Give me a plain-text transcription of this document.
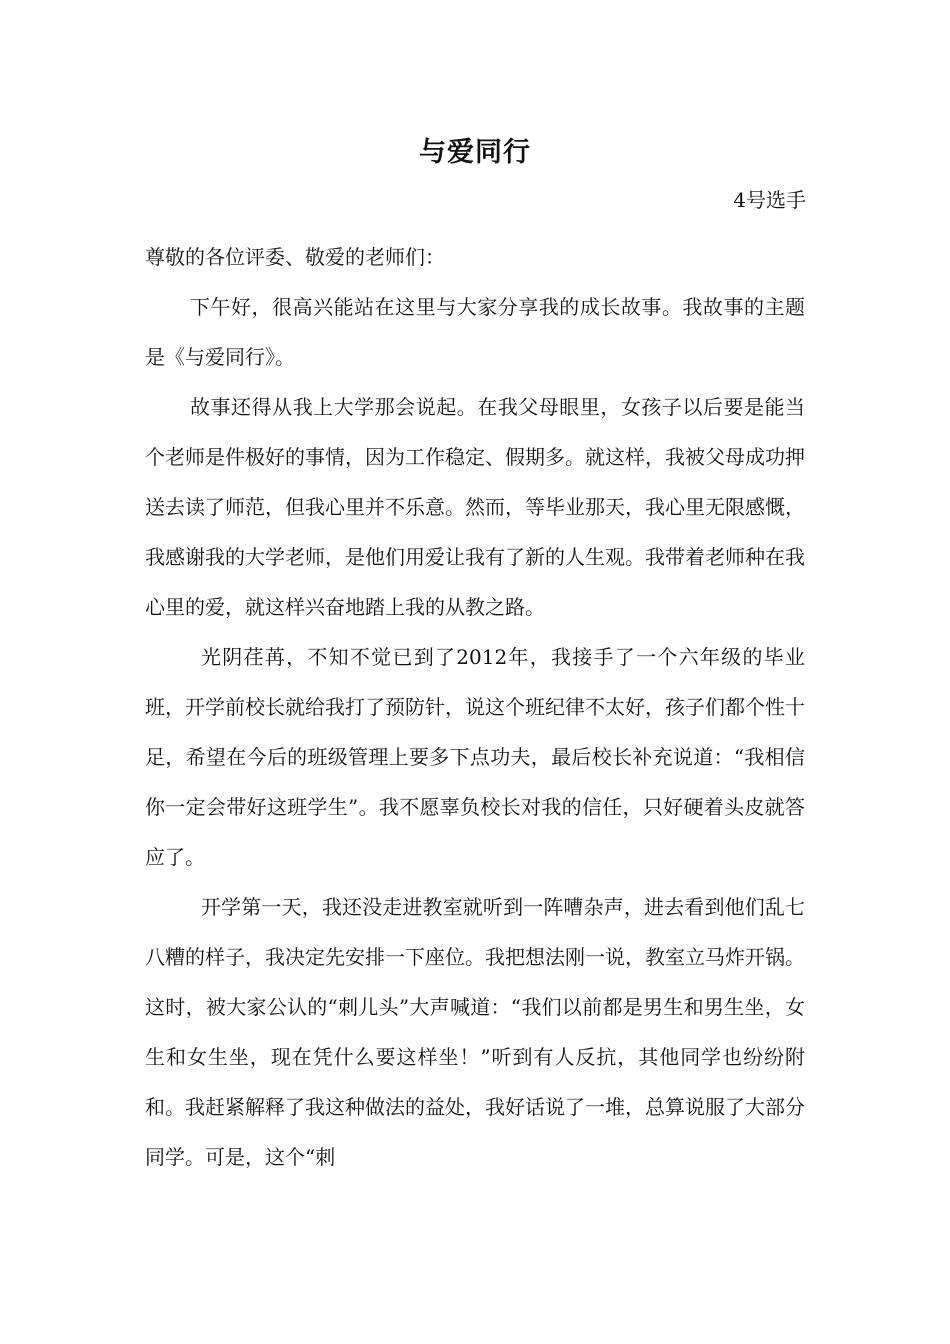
与爱同行
4号选手

尊敬的各位评委、敬爱的老师们：

下午好，很高兴能站在这里与大家分享我的成长故事。我故事的主题是《与爱同行》。

故事还得从我上大学那会说起。在我父母眼里，女孩子以后要是能当个老师是件极好的事情，因为工作稳定、假期多。就这样，我被父母成功押送去读了师范，但我心里并不乐意。然而，等毕业那天，我心里无限感慨，我感谢我的大学老师，是他们用爱让我有了新的人生观。我带着老师种在我心里的爱，就这样兴奋地踏上我的从教之路。

光阴荏苒，不知不觉已到了2012年，我接手了一个六年级的毕业班，开学前校长就给我打了预防针，说这个班纪律不太好，孩子们都个性十足，希望在今后的班级管理上要多下点功夫，最后校长补充说道：“我相信你一定会带好这班学生”。我不愿辜负校长对我的信任，只好硬着头皮就答应了。

开学第一天，我还没走进教室就听到一阵嘈杂声，进去看到他们乱七八糟的样子，我决定先安排一下座位。我把想法刚一说，教室立马炸开锅。这时，被大家公认的“刺儿头”大声喊道：“我们以前都是男生和男生坐，女生和女生坐，现在凭什么要这样坐！”听到有人反抗，其他同学也纷纷附和。我赶紧解释了我这种做法的益处，我好话说了一堆，总算说服了大部分同学。可是，这个“刺
